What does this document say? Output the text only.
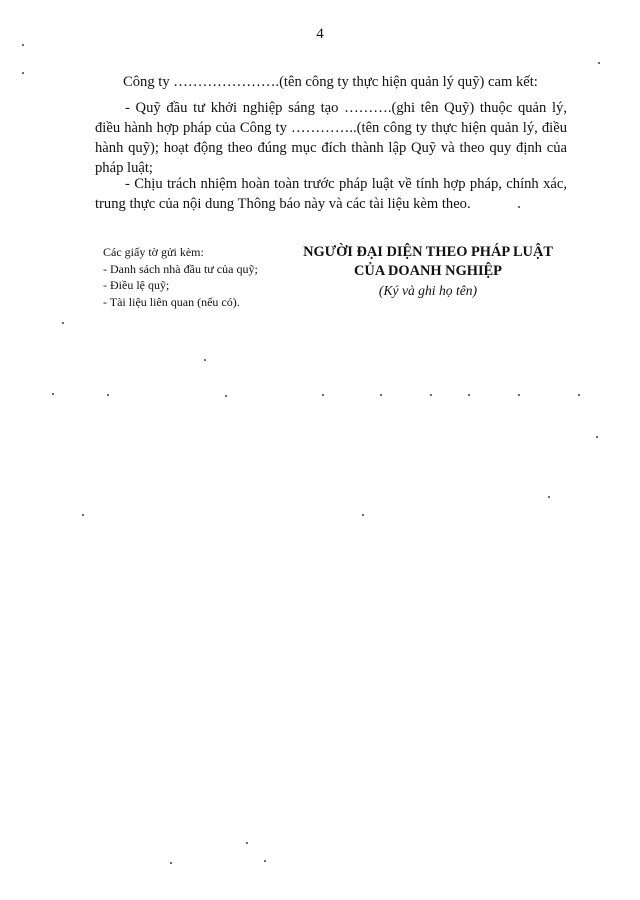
4
Công ty ………………….(tên công ty thực hiện quản lý quỹ) cam kết:
- Quỹ đầu tư khởi nghiệp sáng tạo ……….(ghi tên Quỹ) thuộc quản lý, điều hành hợp pháp của Công ty …………..(tên công ty thực hiện quản lý, điều hành quỹ); hoạt động theo đúng mục đích thành lập Quỹ và theo quy định của pháp luật;
- Chịu trách nhiệm hoàn toàn trước pháp luật về tính hợp pháp, chính xác, trung thực của nội dung Thông báo này và các tài liệu kèm theo.
Các giấy tờ gửi kèm:
- Danh sách nhà đầu tư của quỹ;
- Điều lệ quỹ;
- Tài liệu liên quan (nếu có).
NGƯỜI ĐẠI DIỆN THEO PHÁP LUẬT
CỦA DOANH NGHIỆP
(Ký và ghi họ tên)
